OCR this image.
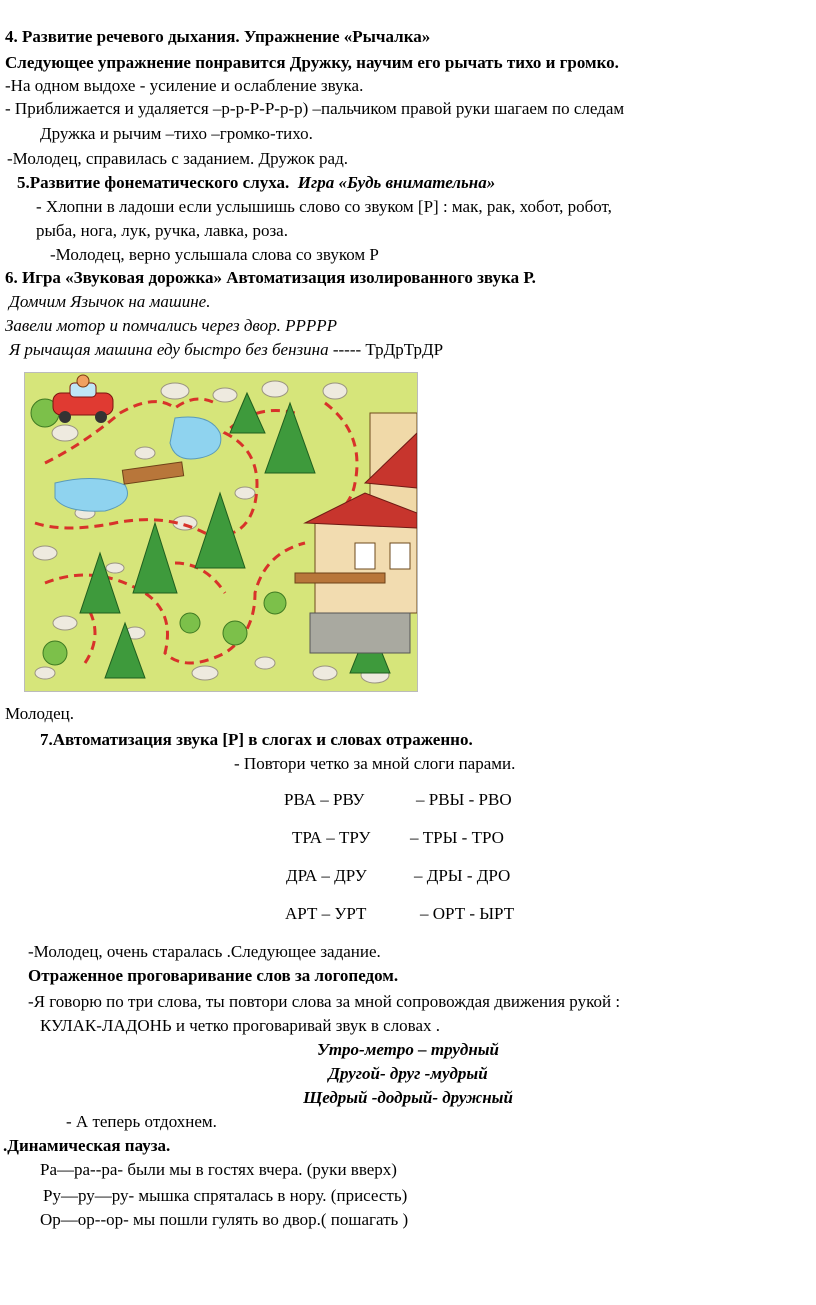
4. Развитие речевого дыхания. Упражнение «Рычалка»
Следующее упражнение понравится Дружку, научим его рычать тихо и громко.
-На одном выдохе - усиление и ослабление звука.
- Приближается и удаляется –р-р-Р-Р-р-р) –пальчиком правой руки шагаем по следам
Дружка и рычим –тихо –громко-тихо.
-Молодец, справилась с заданием. Дружок рад.
5.Развитие фонематического слуха. Игра «Будь внимательна»
- Хлопни в ладоши если услышишь слово со звуком [Р] : мак, рак, хобот, робот,
рыба, нога, лук, ручка, лавка, роза.
-Молодец, верно услышала слова со звуком Р
6. Игра «Звуковая дорожка» Автоматизация изолированного звука Р.
Домчим Язычок на машине.
Завели мотор и помчались через двор. РРРРР
Я рычащая машина еду быстро без бензина ----- ТрДрТрДР
Молодец.
7.Автоматизация звука [Р] в слогах и словах отраженно.
- Повтори четко за мной слоги парами.
РВА – РВУ	– РВЫ - РВО
ТРА – ТРУ – ТРЫ - ТРО
ДРА – ДРУ	– ДРЫ - ДРО
АРТ – УРТ	– ОРТ - ЫРТ
-Молодец, очень старалась .Следующее задание.
Отраженное проговаривание слов за логопедом.
-Я говорю по три слова, ты повтори слова за мной сопровождая движения рукой :
КУЛАК-ЛАДОНЬ и четко проговаривай звук в словах .
Утро-метро – трудный
Другой- друг -мудрый
Щедрый -додрый- дружный
- А теперь отдохнем.
.Динамическая пауза.
Ра—ра--ра- были мы в гостях вчера. (руки вверх)
Ру—ру—ру- мышка спряталась в нору. (присесть)
Ор—ор--ор- мы пошли гулять во двор.( пошагать )
